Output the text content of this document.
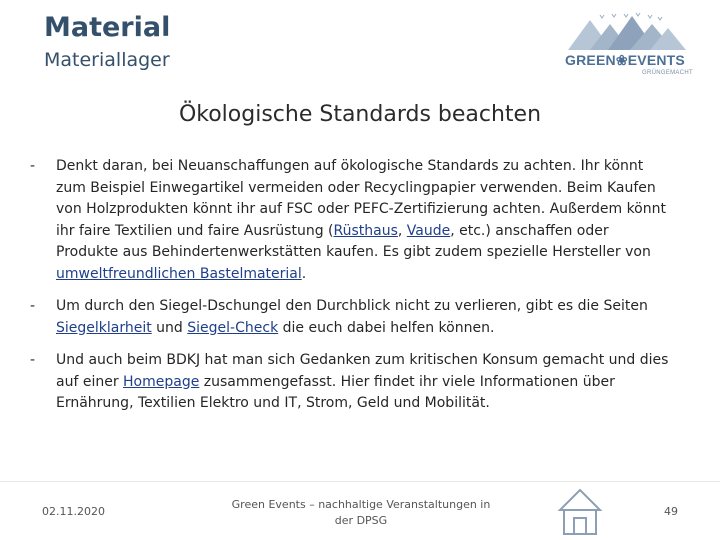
Material
Materiallager	GREEN❀EVENTS
GRÜNGEMACHT
Ökologische Standards beachten
- Denkt daran, bei Neuanschaffungen auf ökologische Standards zu achten. Ihr könnt zum Beispiel Einwegartikel vermeiden oder Recyclingpapier verwenden. Beim Kaufen von Holzprodukten könnt ihr auf FSC oder PEFC-Zertifizierung achten. Außerdem könnt ihr faire Textilien und faire Ausrüstung (Rüsthaus, Vaude, etc.) anschaffen oder Produkte aus Behindertenwerkstätten kaufen. Es gibt zudem spezielle Hersteller von umweltfreundlichen Bastelmaterial.
- Um durch den Siegel-Dschungel den Durchblick nicht zu verlieren, gibt es die Seiten Siegelklarheit und Siegel-Check die euch dabei helfen können.
- Und auch beim BDKJ hat man sich Gedanken zum kritischen Konsum gemacht und dies auf einer Homepage zusammengefasst. Hier findet ihr viele Informationen über Ernährung, Textilien Elektro und IT, Strom, Geld und Mobilität.
02.11.2020
Green Events – nachhaltige Veranstaltungen in der DPSG
49
